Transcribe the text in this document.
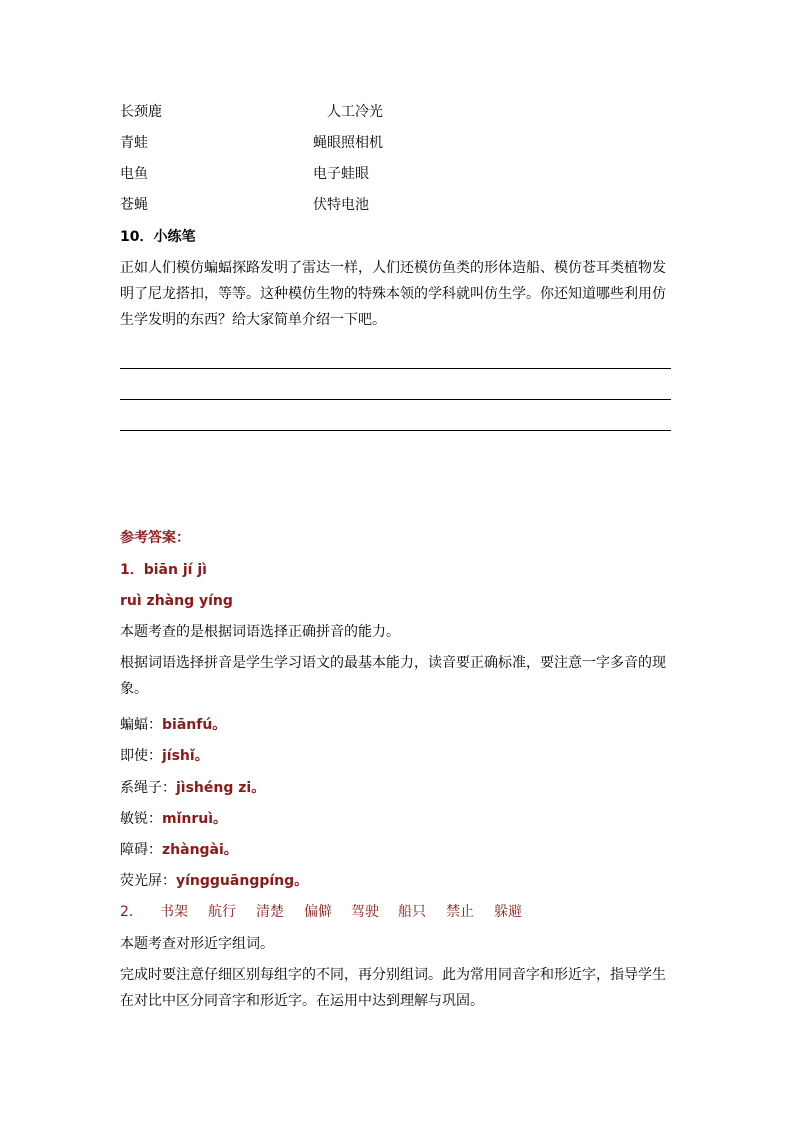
长颈鹿	人工冷光
青蛙	蝇眼照相机
电鱼	电子蛙眼
苍蝇	伏特电池
10．小练笔
正如人们模仿蝙蝠探路发明了雷达一样，人们还模仿鱼类的形体造船、模仿苍耳类植物发明了尼龙搭扣，等等。这种模仿生物的特殊本领的学科就叫仿生学。你还知道哪些利用仿生学发明的东西？给大家简单介绍一下吧。
参考答案：
1．biān jí jì
ruì zhàng yíng
本题考查的是根据词语选择正确拼音的能力。
根据词语选择拼音是学生学习语文的最基本能力，读音要正确标准，要注意一字多音的现象。
蝙蝠：biānfú。
即使：jíshǐ。
系绳子：jìshéng zi。
敏锐：mǐnruì。
障碍：zhàngài。
荧光屏：yíngguāngpíng。
2． 书架 航行 清楚 偏僻 驾驶 船只 禁止 躲避
本题考查对形近字组词。
完成时要注意仔细区别每组字的不同，再分别组词。此为常用同音字和形近字，指导学生在对比中区分同音字和形近字。在运用中达到理解与巩固。
